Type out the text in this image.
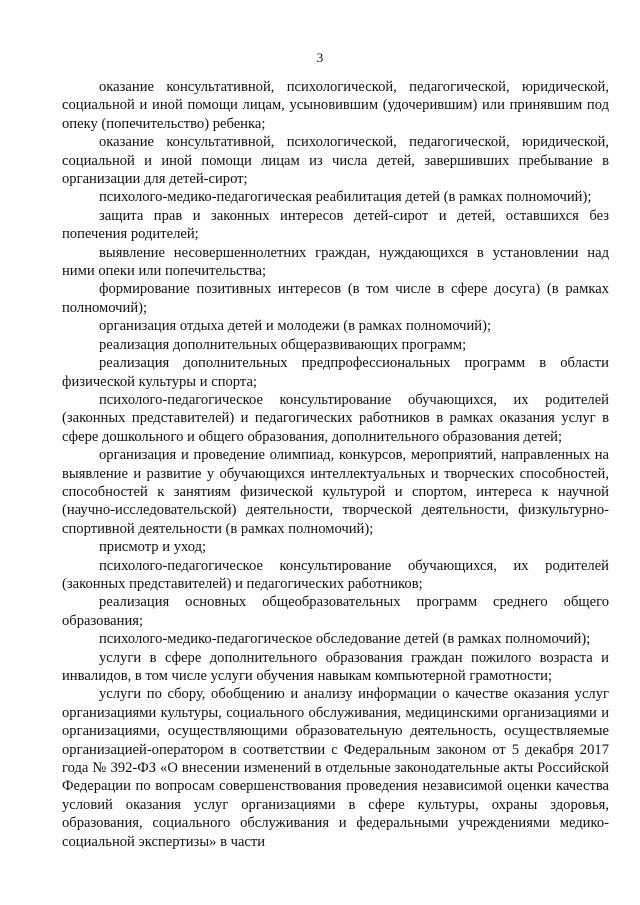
3

оказание консультативной, психологической, педагогической, юридической, социальной и иной помощи лицам, усыновившим (удочерившим) или принявшим под опеку (попечительство) ребенка;

оказание консультативной, психологической, педагогической, юридической, социальной и иной помощи лицам из числа детей, завершивших пребывание в организации для детей-сирот;

психолого-медико-педагогическая реабилитация детей (в рамках полномочий);

защита прав и законных интересов детей-сирот и детей, оставшихся без попечения родителей;

выявление несовершеннолетних граждан, нуждающихся в установлении над ними опеки или попечительства;

формирование позитивных интересов (в том числе в сфере досуга) (в рамках полномочий);

организация отдыха детей и молодежи (в рамках полномочий);

реализация дополнительных общеразвивающих программ;

реализация дополнительных предпрофессиональных программ в области физической культуры и спорта;

психолого-педагогическое консультирование обучающихся, их родителей (законных представителей) и педагогических работников в рамках оказания услуг в сфере дошкольного и общего образования, дополнительного образования детей;

организация и проведение олимпиад, конкурсов, мероприятий, направленных на выявление и развитие у обучающихся интеллектуальных и творческих способностей, способностей к занятиям физической культурой и спортом, интереса к научной (научно-исследовательской) деятельности, творческой деятельности, физкультурно-спортивной деятельности (в рамках полномочий);

присмотр и уход;

психолого-педагогическое консультирование обучающихся, их родителей (законных представителей) и педагогических работников;

реализация основных общеобразовательных программ среднего общего образования;

психолого-медико-педагогическое обследование детей (в рамках полномочий);

услуги в сфере дополнительного образования граждан пожилого возраста и инвалидов, в том числе услуги обучения навыкам компьютерной грамотности;

услуги по сбору, обобщению и анализу информации о качестве оказания услуг организациями культуры, социального обслуживания, медицинскими организациями и организациями, осуществляющими образовательную деятельность, осуществляемые организацией-оператором в соответствии с Федеральным законом от 5 декабря 2017 года № 392-ФЗ «О внесении изменений в отдельные законодательные акты Российской Федерации по вопросам совершенствования проведения независимой оценки качества условий оказания услуг организациями в сфере культуры, охраны здоровья, образования, социального обслуживания и федеральными учреждениями медико-социальной экспертизы» в части
